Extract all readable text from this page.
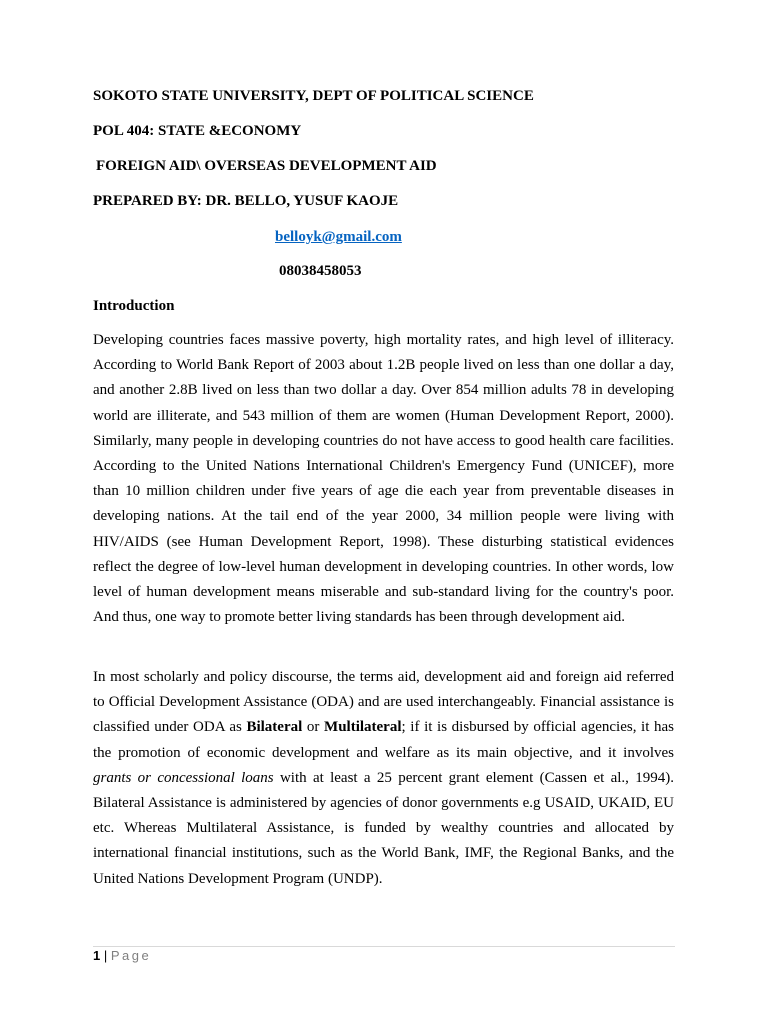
SOKOTO STATE UNIVERSITY, DEPT OF POLITICAL SCIENCE
POL 404: STATE &ECONOMY
FOREIGN AID\ OVERSEAS DEVELOPMENT AID
PREPARED BY: DR. BELLO, YUSUF KAOJE
belloyk@gmail.com
08038458053
Introduction

Developing countries faces massive poverty, high mortality rates, and high level of illiteracy. According to World Bank Report of 2003 about 1.2B people lived on less than one dollar a day, and another 2.8B lived on less than two dollar a day. Over 854 million adults 78 in developing world are illiterate, and 543 million of them are women (Human Development Report, 2000). Similarly, many people in developing countries do not have access to good health care facilities. According to the United Nations International Children's Emergency Fund (UNICEF), more than 10 million children under five years of age die each year from preventable diseases in developing nations. At the tail end of the year 2000, 34 million people were living with HIV/AIDS (see Human Development Report, 1998). These disturbing statistical evidences reflect the degree of low-level human development in developing countries. In other words, low level of human development means miserable and sub-standard living for the country's poor. And thus, one way to promote better living standards has been through development aid.

In most scholarly and policy discourse, the terms aid, development aid and foreign aid referred to Official Development Assistance (ODA) and are used interchangeably. Financial assistance is classified under ODA as Bilateral or Multilateral; if it is disbursed by official agencies, it has the promotion of economic development and welfare as its main objective, and it involves grants or concessional loans with at least a 25 percent grant element (Cassen et al., 1994). Bilateral Assistance is administered by agencies of donor governments e.g USAID, UKAID, EU etc. Whereas Multilateral Assistance, is funded by wealthy countries and allocated by international financial institutions, such as the World Bank, IMF, the Regional Banks, and the United Nations Development Program (UNDP).

1 | Page
